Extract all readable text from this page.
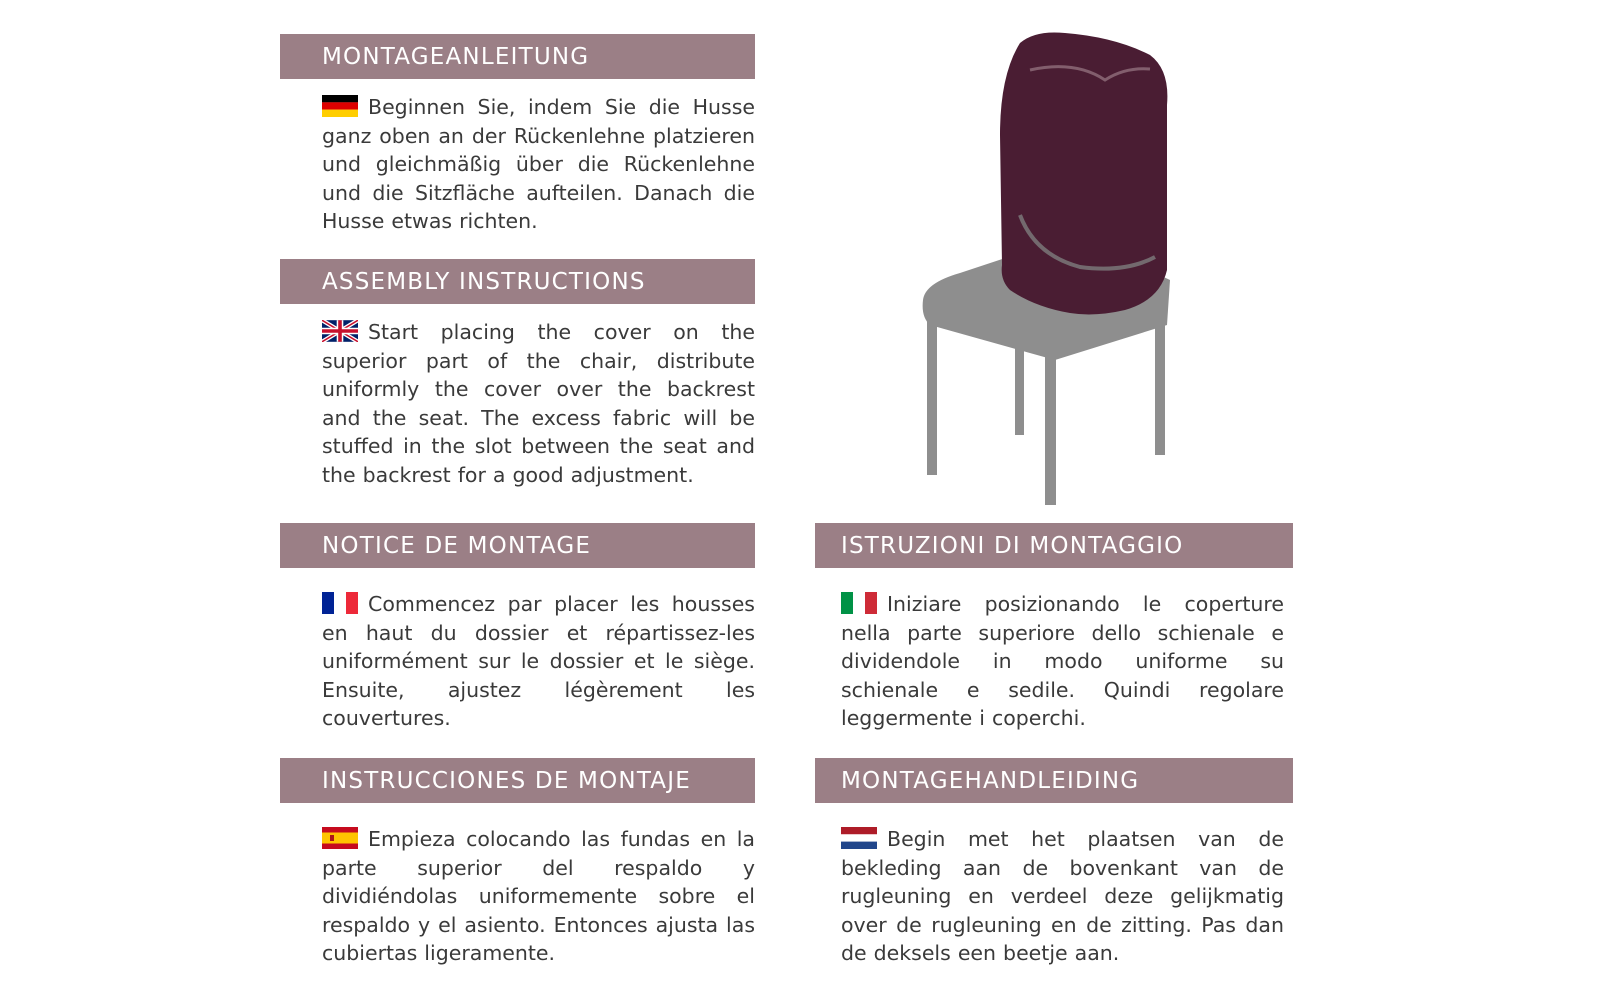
MONTAGEANLEITUNG
Beginnen Sie, indem Sie die Husse ganz oben an der Rückenlehne platzieren und gleichmäßig über die Rückenlehne und die Sitzfläche aufteilen. Danach die Husse etwas richten.
ASSEMBLY INSTRUCTIONS
Start placing the cover on the superior part of the chair, distribute uniformly the cover over the backrest and the seat. The excess fabric will be stuffed in the slot between the seat and the backrest for a good adjustment.
NOTICE DE MONTAGE
Commencez par placer les housses en haut du dossier et répartissez-les uniformément sur le dossier et le siège. Ensuite, ajustez légèrement les couvertures.
ISTRUZIONI DI MONTAGGIO
Iniziare posizionando le coperture nella parte superiore dello schienale e dividendole in modo uniforme su schienale e sedile. Quindi regolare leggermente i coperchi.
INSTRUCCIONES DE MONTAJE
Empieza colocando las fundas en la parte superior del respaldo y dividiéndolas uniformemente sobre el respaldo y el asiento. Entonces ajusta las cubiertas ligeramente.
MONTAGEHANDLEIDING
Begin met het plaatsen van de bekleding aan de bovenkant van de rugleuning en verdeel deze gelijkmatig over de rugleuning en de zitting. Pas dan de deksels een beetje aan.
